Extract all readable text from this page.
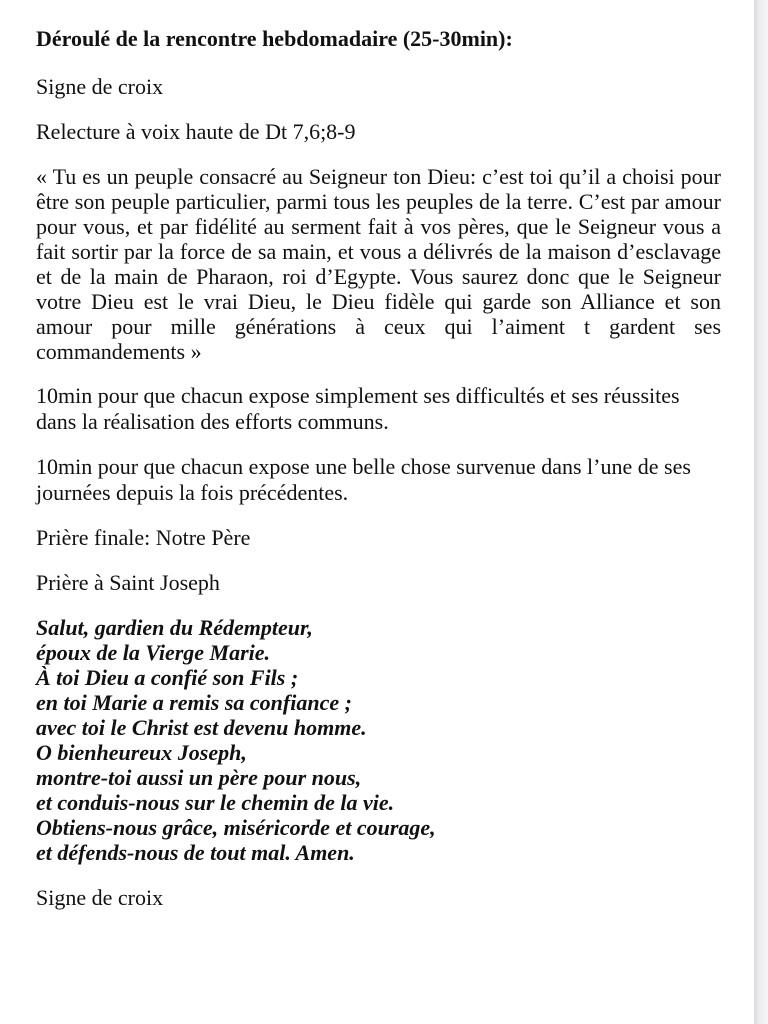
Déroulé de la rencontre hebdomadaire (25-30min):

Signe de croix

Relecture à voix haute de Dt 7,6;8-9

« Tu es un peuple consacré au Seigneur ton Dieu: c’est toi qu’il a choisi pour être son peuple particulier, parmi tous les peuples de la terre. C’est par amour pour vous, et par fidélité au serment fait à vos pères, que le Seigneur vous a fait sortir par la force de sa main, et vous a délivrés de la maison d’esclavage et de la main de Pharaon, roi d’Egypte. Vous saurez donc que le Seigneur votre Dieu est le vrai Dieu, le Dieu fidèle qui garde son Alliance et son amour pour mille générations à ceux qui l’aiment t gardent ses commandements »

10min pour que chacun expose simplement ses difficultés et ses réussites dans la réalisation des efforts communs.

10min pour que chacun expose une belle chose survenue dans l’une de ses journées depuis la fois précédentes.

Prière finale: Notre Père

Prière à Saint Joseph

Salut, gardien du Rédempteur,
époux de la Vierge Marie.
À toi Dieu a confié son Fils ;
en toi Marie a remis sa confiance ;
avec toi le Christ est devenu homme.
O bienheureux Joseph,
montre-toi aussi un père pour nous,
et conduis-nous sur le chemin de la vie.
Obtiens-nous grâce, miséricorde et courage,
et défends-nous de tout mal. Amen.

Signe de croix
